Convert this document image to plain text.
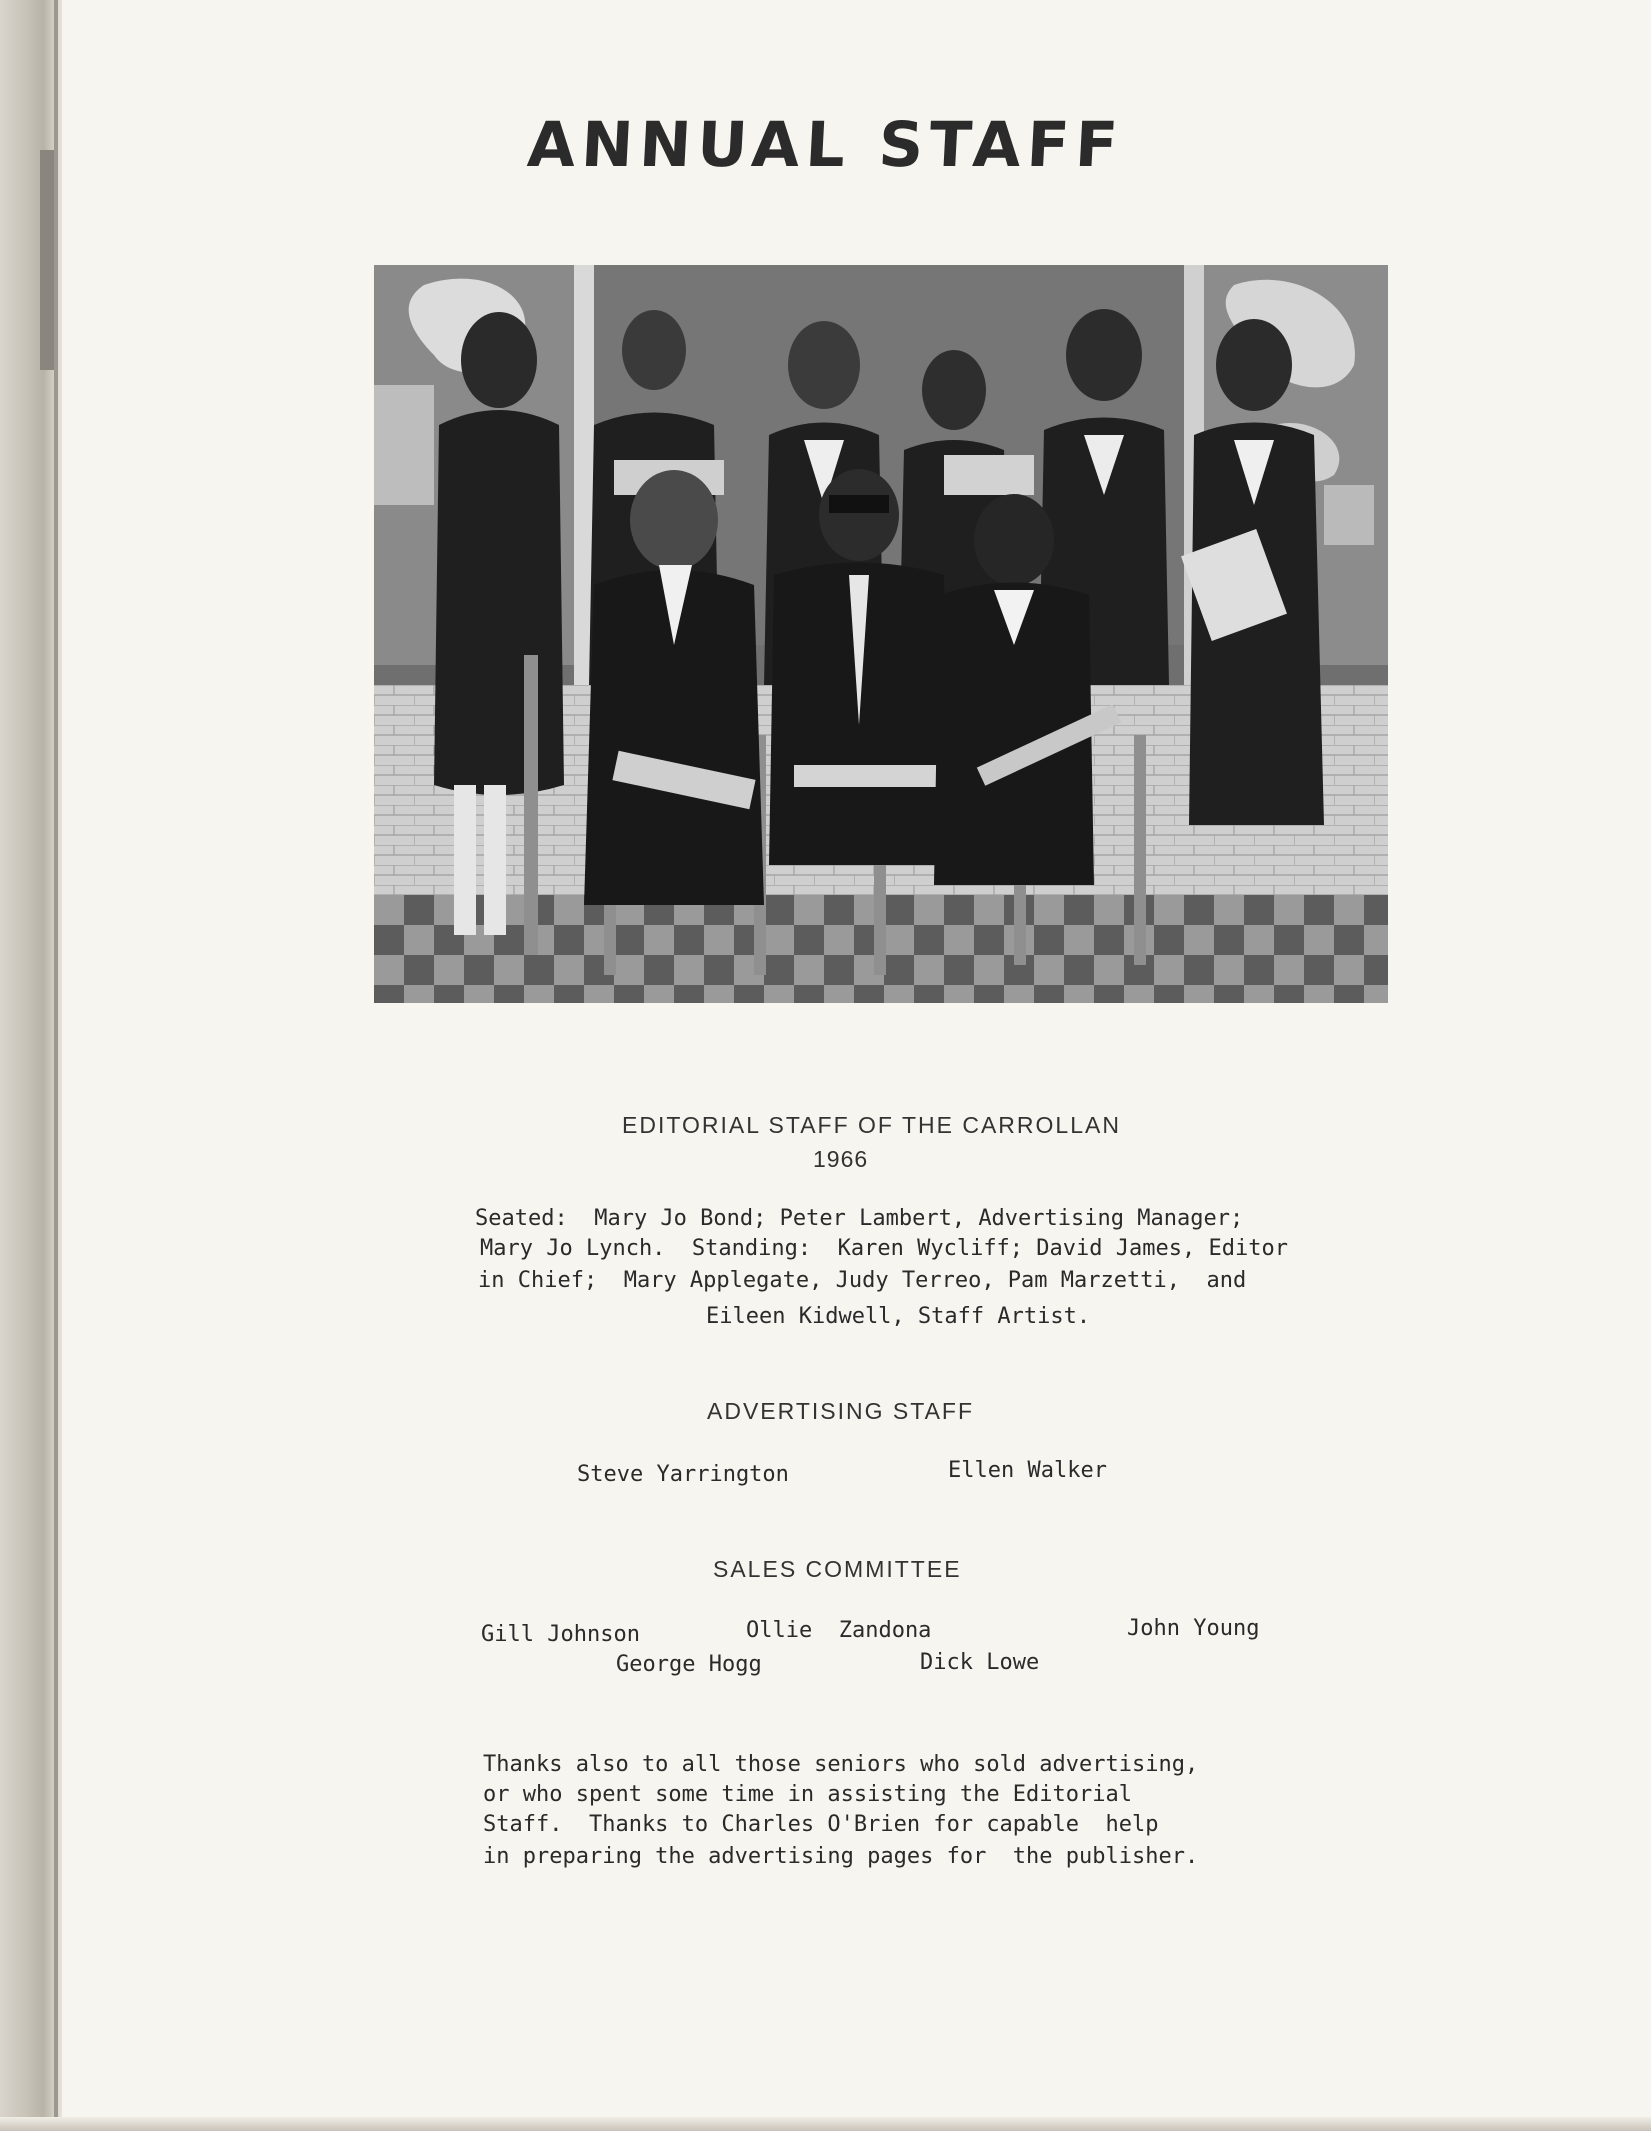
ANNUAL STAFF
EDITORIAL STAFF OF THE CARROLLAN
1966
Seated:  Mary Jo Bond; Peter Lambert, Advertising Manager;
Mary Jo Lynch.  Standing:  Karen Wycliff; David James, Editor
in Chief;  Mary Applegate, Judy Terreo, Pam Marzetti,  and
Eileen Kidwell, Staff Artist.
ADVERTISING STAFF
Steve Yarrington	Ellen Walker
SALES COMMITTEE
Gill Johnson	Ollie  Zandona	John Young
George Hogg	Dick Lowe
Thanks also to all those seniors who sold advertising,
or who spent some time in assisting the Editorial
Staff.  Thanks to Charles O'Brien for capable  help
in preparing the advertising pages for  the publisher.
